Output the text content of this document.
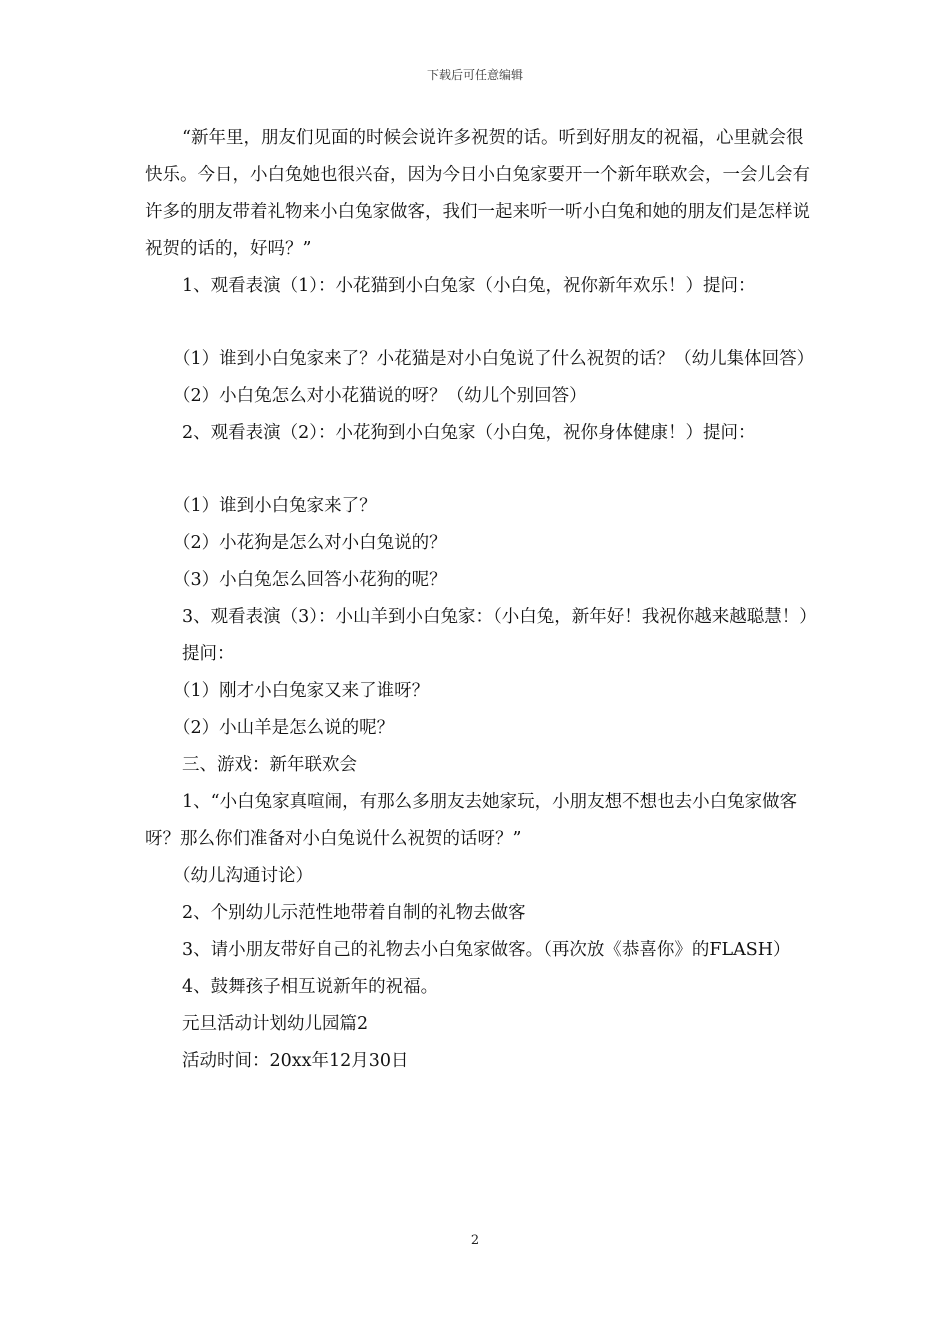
下载后可任意编辑

“新年里，朋友们见面的时候会说许多祝贺的话。听到好朋友的祝福，心里就会很快乐。今日，小白兔她也很兴奋，因为今日小白兔家要开一个新年联欢会，一会儿会有许多的朋友带着礼物来小白兔家做客，我们一起来听一听小白兔和她的朋友们是怎样说祝贺的话的，好吗？”

1、观看表演（1）：小花猫到小白兔家（小白兔，祝你新年欢乐！）提问：

（1）谁到小白兔家来了？小花猫是对小白兔说了什么祝贺的话？（幼儿集体回答）

（2）小白兔怎么对小花猫说的呀？（幼儿个别回答）

2、观看表演（2）：小花狗到小白兔家（小白兔，祝你身体健康！）提问：

（1）谁到小白兔家来了？

（2）小花狗是怎么对小白兔说的？

（3）小白兔怎么回答小花狗的呢？

3、观看表演（3）：小山羊到小白兔家：（小白兔，新年好！我祝你越来越聪慧！）

提问：

（1）刚才小白兔家又来了谁呀？

（2）小山羊是怎么说的呢？

三、游戏：新年联欢会

1、“小白兔家真喧闹，有那么多朋友去她家玩，小朋友想不想也去小白兔家做客呀？那么你们准备对小白兔说什么祝贺的话呀？”

（幼儿沟通讨论）

2、个别幼儿示范性地带着自制的礼物去做客

3、请小朋友带好自己的礼物去小白兔家做客。（再次放《恭喜你》的FLASH）

4、鼓舞孩子相互说新年的祝福。

元旦活动计划幼儿园篇2

活动时间：20xx年12月30日

2
